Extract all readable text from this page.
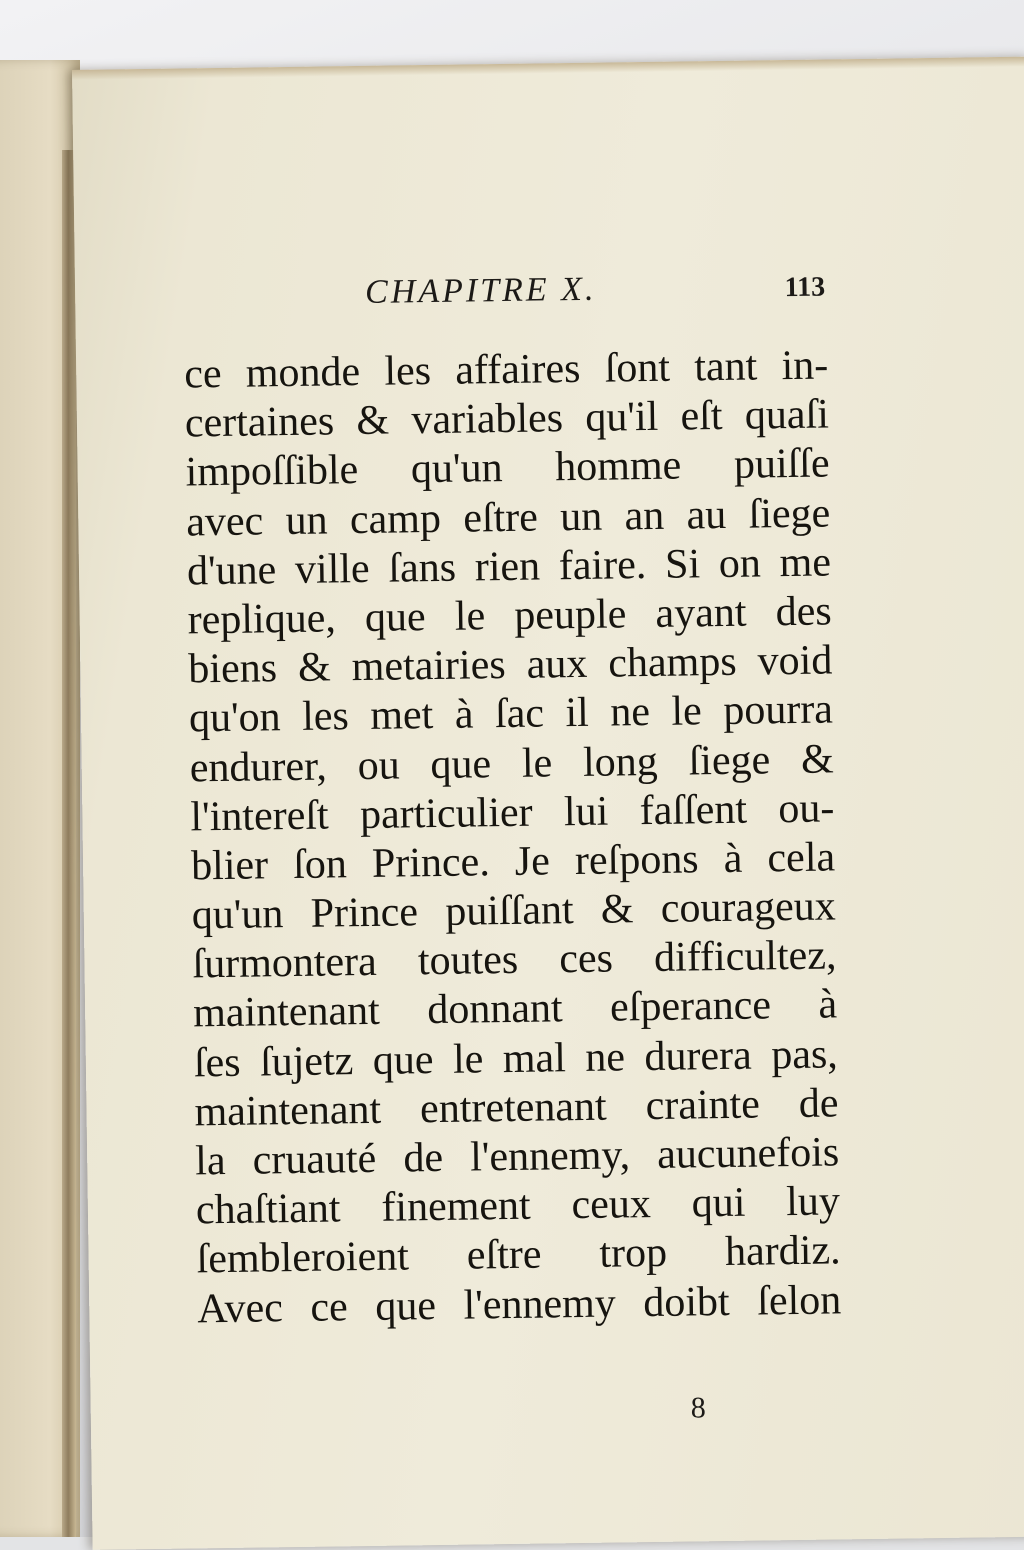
CHAPITRE X.	113
ce monde les affaires ſont tant in-
certaines & variables qu'il eſt quaſi
impoſſible qu'un homme puiſſe
avec un camp eſtre un an au ſiege
d'une ville ſans rien faire. Si on me
replique, que le peuple ayant des
biens & metairies aux champs void
qu'on les met à ſac il ne le pourra
endurer, ou que le long ſiege &
l'intereſt particulier lui faſſent ou-
blier ſon Prince. Je reſpons à cela
qu'un Prince puiſſant & courageux
ſurmontera toutes ces difficultez,
maintenant donnant eſperance à
ſes ſujetz que le mal ne durera pas,
maintenant entretenant crainte de
la cruauté de l'ennemy, aucunefois
chaſtiant finement ceux qui luy
ſembleroient eſtre trop hardiz.
Avec ce que l'ennemy doibt ſelon
8
